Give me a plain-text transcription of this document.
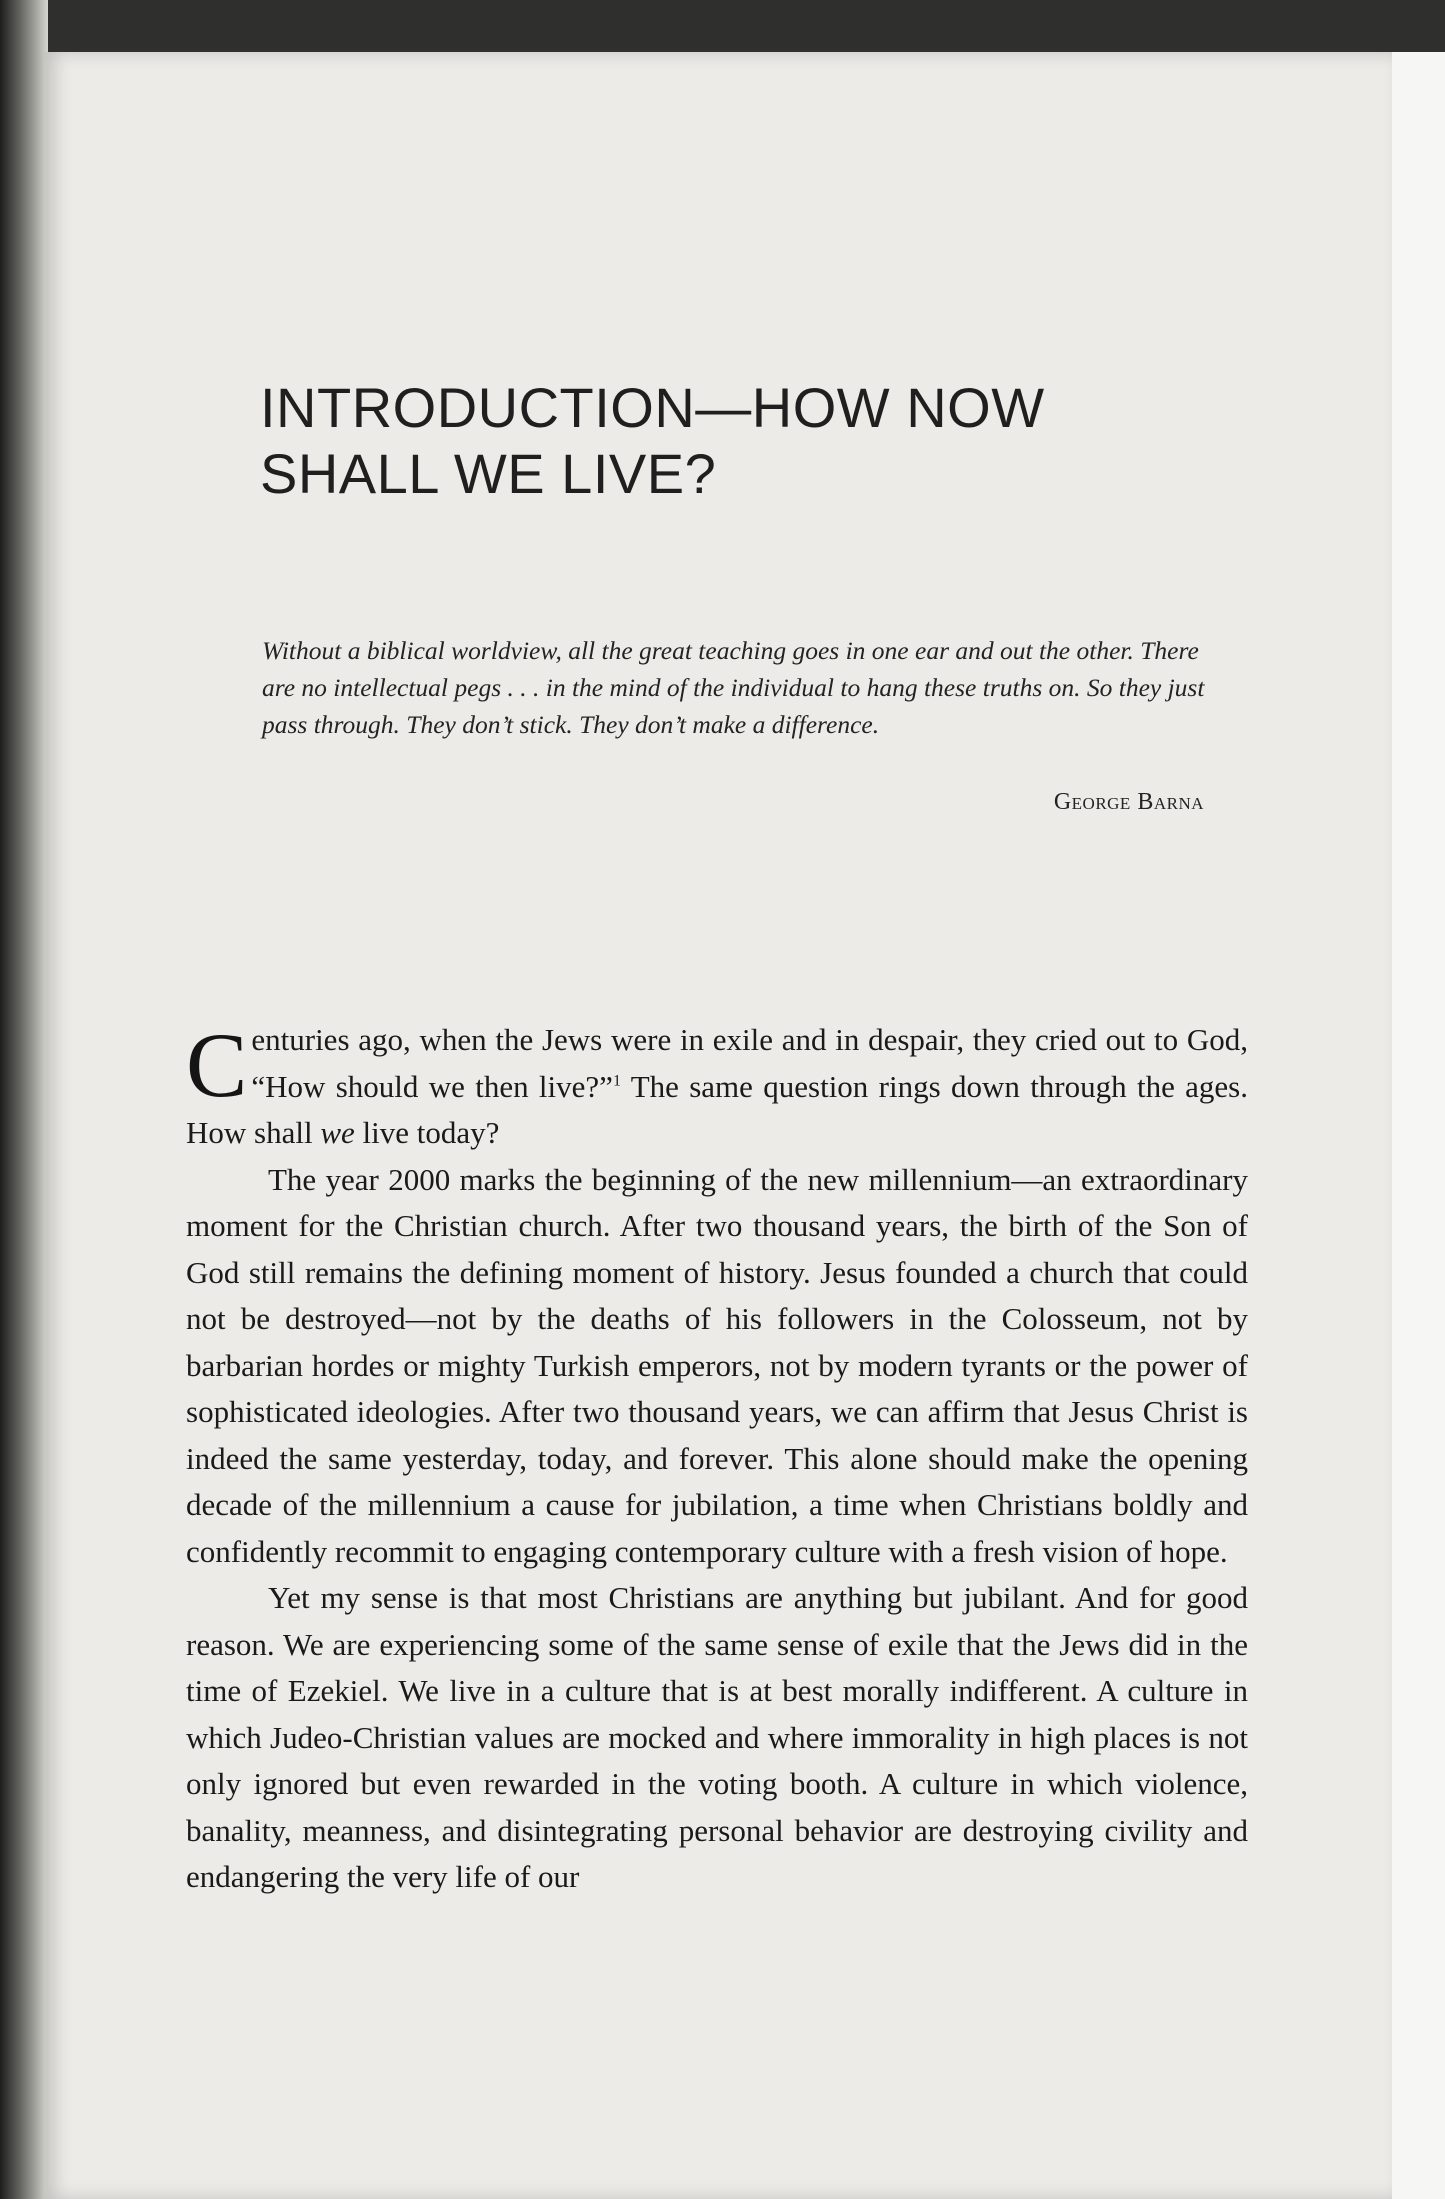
INTRODUCTION—HOW NOW
SHALL WE LIVE?

Without a biblical worldview, all the great teaching goes in one ear and out the other. There are no intellectual pegs . . . in the mind of the individual to hang these truths on. So they just pass through. They don’t stick. They don’t make a difference.

George Barna

Centuries ago, when the Jews were in exile and in despair, they cried out to God, “How should we then live?”$^1$ The same question rings down through the ages. How shall we live today?

The year 2000 marks the beginning of the new millennium—an extraordinary moment for the Christian church. After two thousand years, the birth of the Son of God still remains the defining moment of history. Jesus founded a church that could not be destroyed—not by the deaths of his followers in the Colosseum, not by barbarian hordes or mighty Turkish emperors, not by modern tyrants or the power of sophisticated ideologies. After two thousand years, we can affirm that Jesus Christ is indeed the same yesterday, today, and forever. This alone should make the opening decade of the millennium a cause for jubilation, a time when Christians boldly and confidently recommit to engaging contemporary culture with a fresh vision of hope.

Yet my sense is that most Christians are anything but jubilant. And for good reason. We are experiencing some of the same sense of exile that the Jews did in the time of Ezekiel. We live in a culture that is at best morally indifferent. A culture in which Judeo-Christian values are mocked and where immorality in high places is not only ignored but even rewarded in the voting booth. A culture in which violence, banality, meanness, and disintegrating personal behavior are destroying civility and endangering the very life of our
